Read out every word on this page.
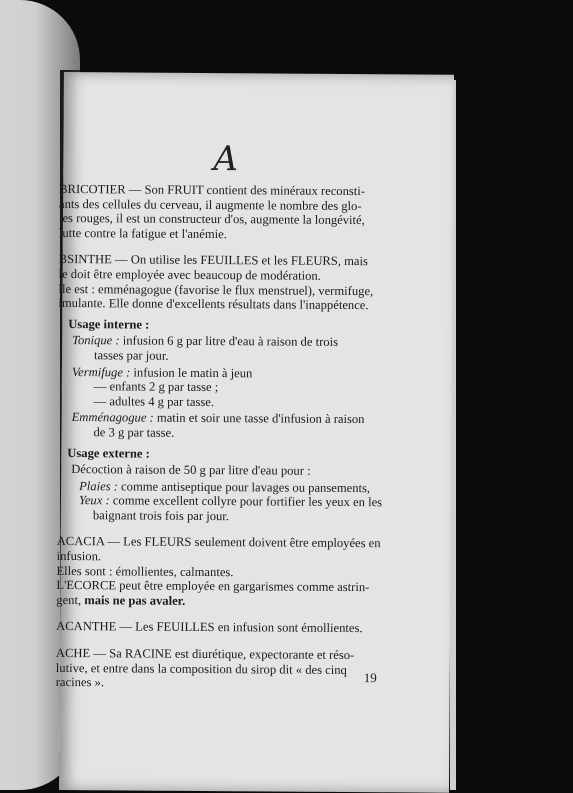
A
BRICOTIER — Son FRUIT contient des minéraux reconsti-
ants des cellules du cerveau, il augmente le nombre des glo-
les rouges, il est un constructeur d'os, augmente la longévité,
lutte contre la fatigue et l'anémie.
BSINTHE — On utilise les FEUILLES et les FLEURS, mais
le doit être employée avec beaucoup de modération.
lle est : emménagogue (favorise le flux menstruel), vermifuge,
imulante. Elle donne d'excellents résultats dans l'inappétence.
Usage interne :
Tonique : infusion 6 g par litre d'eau à raison de trois
tasses par jour.
Vermifuge : infusion le matin à jeun
— enfants 2 g par tasse ;
— adultes 4 g par tasse.
Emménagogue : matin et soir une tasse d'infusion à raison
de 3 g par tasse.
Usage externe :
Décoction à raison de 50 g par litre d'eau pour :
Plaies : comme antiseptique pour lavages ou pansements,
Yeux : comme excellent collyre pour fortifier les yeux en les
baignant trois fois par jour.
ACACIA — Les FLEURS seulement doivent être employées en
infusion.
Elles sont : émollientes, calmantes.
L'ECORCE peut être employée en gargarismes comme astrin-
gent, mais ne pas avaler.
ACANTHE — Les FEUILLES en infusion sont émollientes.
ACHE — Sa RACINE est diurétique, expectorante et réso-
lutive, et entre dans la composition du sirop dit « des cinq
racines ».	19
